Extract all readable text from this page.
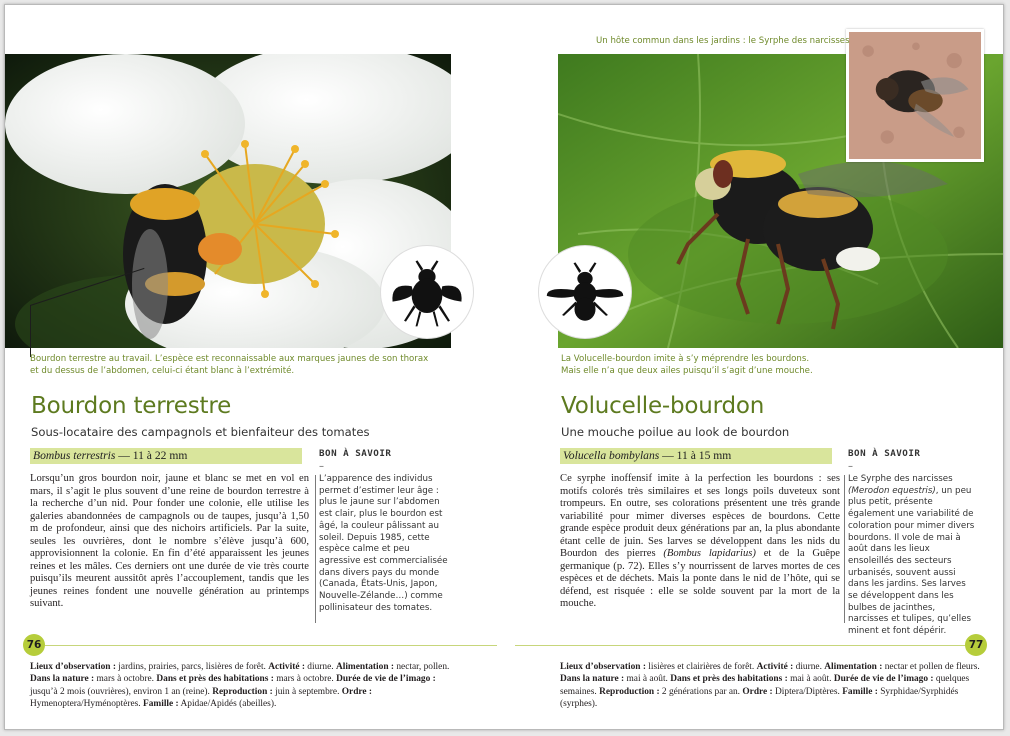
Bourdon terrestre au travail. L’espèce est reconnaissable aux marques jaunes de son thorax
et du dessus de l’abdomen, celui-ci étant blanc à l’extrémité.
Bourdon terrestre
Sous-locataire des campagnols et bienfaiteur des tomates
Bombus terrestris — 11 à 22 mm
Lorsqu’un gros bourdon noir, jaune et blanc se met en vol en mars, il s’agit le plus souvent d’une reine de bourdon terrestre à la recherche d’un nid. Pour fonder une colonie, elle utilise les galeries abandonnées de campagnols ou de taupes, jusqu’à 1,50 m de profondeur, ainsi que des nichoirs artificiels. Par la suite, seules les ouvrières, dont le nombre s’élève jusqu’à 600, approvisionnent la colonie. En fin d’été apparaissent les jeunes reines et les mâles. Ces derniers ont une durée de vie très courte puisqu’ils meurent aussitôt après l’accouplement, tandis que les jeunes reines fondent une nouvelle génération au printemps suivant.
BON À SAVOIR
–
L’apparence des individus permet d’estimer leur âge : plus le jaune sur l’abdomen est clair, plus le bourdon est âgé, la couleur pâlissant au soleil. Depuis 1985, cette espèce calme et peu agressive est commercialisée dans divers pays du monde (Canada, États-Unis, Japon, Nouvelle-Zélande…) comme pollinisateur des tomates.
Un hôte commun dans les jardins : le Syrphe des narcisses
La Volucelle-bourdon imite à s’y méprendre les bourdons.
Mais elle n’a que deux ailes puisqu’il s’agit d’une mouche.
Volucelle-bourdon
Une mouche poilue au look de bourdon
Volucella bombylans — 11 à 15 mm
Ce syrphe inoffensif imite à la perfection les bourdons : ses motifs colorés très similaires et ses longs poils duveteux sont trompeurs. En outre, ses colorations présentent une très grande variabilité pour mimer diverses espèces de bourdons. Cette grande espèce produit deux générations par an, la plus abondante étant celle de juin. Ses larves se développent dans les nids du Bourdon des pierres (Bombus lapidarius) et de la Guêpe germanique (p. 72). Elles s’y nourrissent de larves mortes de ces espèces et de déchets. Mais la ponte dans le nid de l’hôte, qui se défend, est risquée : elle se solde souvent par la mort de la mouche.
BON À SAVOIR
–
Le Syrphe des narcisses (Merodon equestris), un peu plus petit, présente également une variabilité de coloration pour mimer divers bourdons. Il vole de mai à août dans les lieux ensoleillés des secteurs urbanisés, souvent aussi dans les jardins. Ses larves se développent dans les bulbes de jacinthes, narcisses et tulipes, qu’elles minent et font dépérir.
76	77
Lieux d’observation : jardins, prairies, parcs, lisières de forêt. Activité : diurne. Alimentation : nectar, pollen. Dans la nature : mars à octobre. Dans et près des habitations : mars à octobre. Durée de vie de l’imago : jusqu’à 2 mois (ouvrières), environ 1 an (reine). Reproduction : juin à septembre. Ordre : Hymenoptera/Hyménoptères. Famille : Apidae/Apidés (abeilles).
Lieux d’observation : lisières et clairières de forêt. Activité : diurne. Alimentation : nectar et pollen de fleurs. Dans la nature : mai à août. Dans et près des habitations : mai à août. Durée de vie de l’imago : quelques semaines. Reproduction : 2 générations par an. Ordre : Diptera/Diptères. Famille : Syrphidae/Syrphidés (syrphes).
